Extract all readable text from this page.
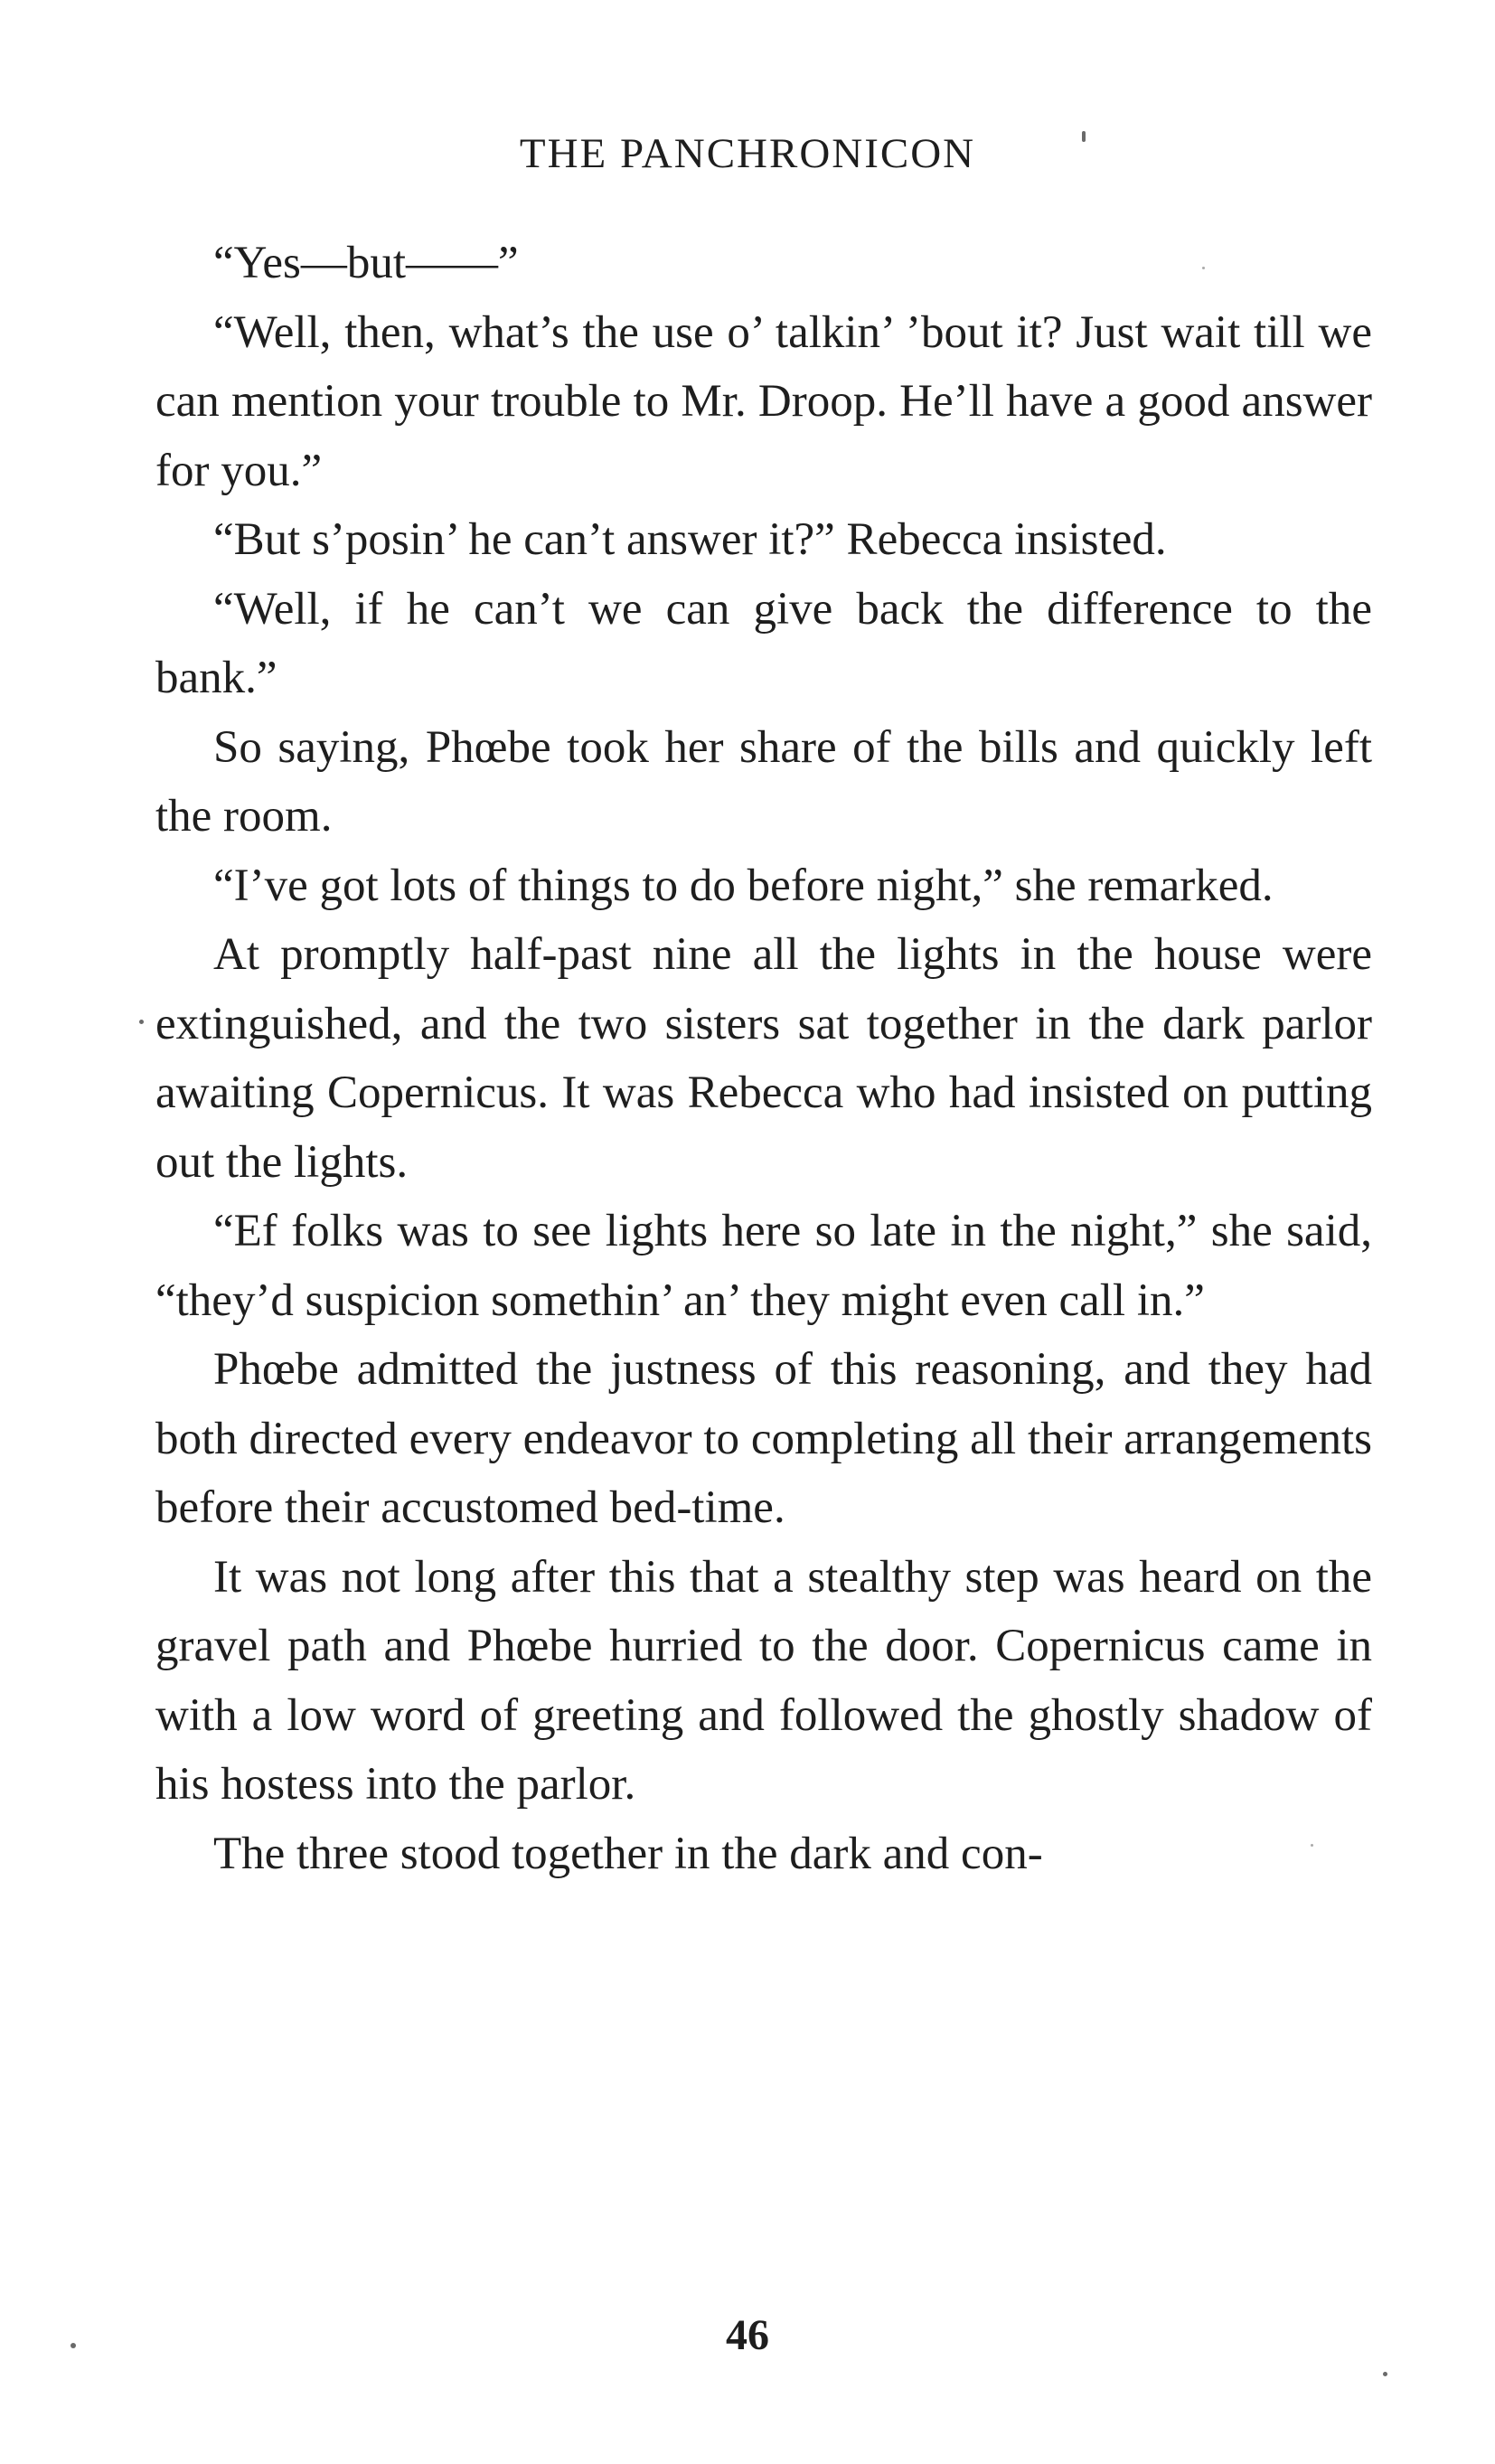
THE PANCHRONICON

“Yes—but——”

“Well, then, what’s the use o’ talkin’ ’bout it? Just wait till we can mention your trouble to Mr. Droop. He’ll have a good answer for you.”

“But s’posin’ he can’t answer it?” Rebecca insisted.

“Well, if he can’t we can give back the difference to the bank.”

So saying, Phœbe took her share of the bills and quickly left the room.

“I’ve got lots of things to do before night,” she remarked.

At promptly half-past nine all the lights in the house were extinguished, and the two sisters sat together in the dark parlor awaiting Copernicus. It was Rebecca who had insisted on putting out the lights.

“Ef folks was to see lights here so late in the night,” she said, “they’d suspicion somethin’ an’ they might even call in.”

Phœbe admitted the justness of this reasoning, and they had both directed every endeavor to completing all their arrangements before their accustomed bed-time.

It was not long after this that a stealthy step was heard on the gravel path and Phœbe hurried to the door. Copernicus came in with a low word of greeting and followed the ghostly shadow of his hostess into the parlor.

The three stood together in the dark and con-

46
